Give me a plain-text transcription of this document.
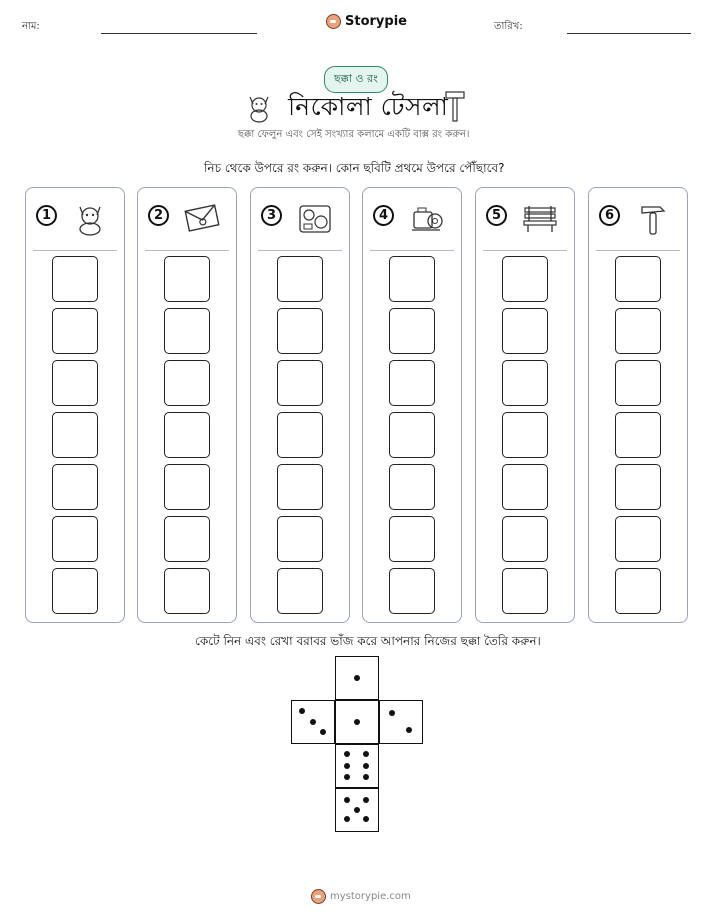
নাম:	Storypie	তারিখ:
ছক্কা ও রং
নিকোলা টেসলা
ছক্কা ফেলুন এবং সেই সংখ্যার কলামে একটি বাক্স রং করুন।
নিচ থেকে উপরে রং করুন। কোন ছবিটি প্রথমে উপরে পৌঁছাবে?
1	2	3	4	5	6
কেটে নিন এবং রেখা বরাবর ভাঁজ করে আপনার নিজের ছক্কা তৈরি করুন।
mystorypie.com
